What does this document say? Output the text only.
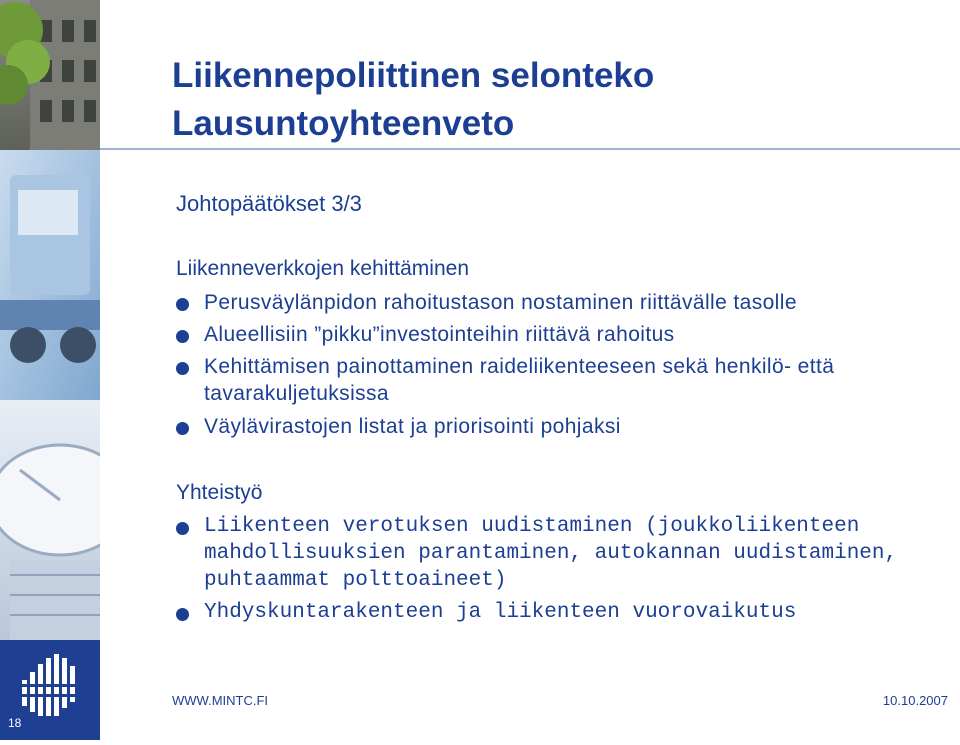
18
Liikennepoliittinen selonteko
Lausuntoyhteenveto
Johtopäätökset 3/3
Liikenneverkkojen kehittäminen
Perusväylänpidon rahoitustason nostaminen riittävälle tasolle
Alueellisiin ”pikku”investointeihin riittävä rahoitus
Kehittämisen painottaminen raideliikenteeseen sekä henkilö- että tavarakuljetuksissa
Väylävirastojen listat ja priorisointi pohjaksi
Yhteistyö
Liikenteen verotuksen uudistaminen (joukkoliikenteen mahdollisuuksien parantaminen, autokannan uudistaminen, puhtaammat polttoaineet)
Yhdyskuntarakenteen ja liikenteen vuorovaikutus
WWW.MINTC.FI	10.10.2007
